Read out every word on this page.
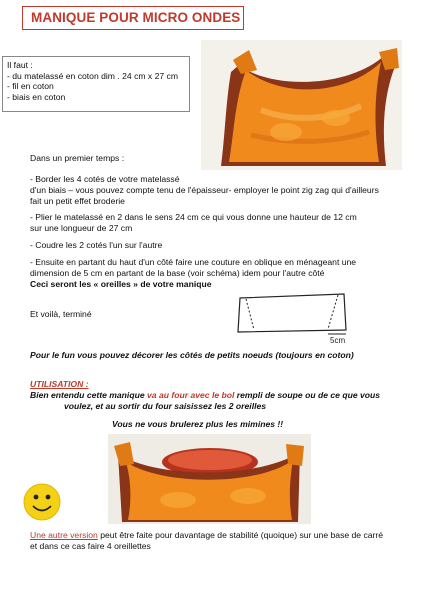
MANIQUE POUR MICRO ONDES
Il faut :
- du matelassé en coton dim . 24 cm x 27 cm
- fil en coton
- biais en coton
Dans un premier temps :
- Border les 4 cotés de votre matelassé
d'un biais – vous pouvez compte tenu de l'épaisseur- employer le point zig zag qui d'ailleurs
fait un petit effet broderie
- Plier le matelassé en 2 dans le sens 24 cm ce qui vous donne une hauteur de 12 cm
sur une longueur de 27 cm
- Coudre les 2 cotés l'un sur l'autre
- Ensuite en partant du haut d'un côté faire une couture en oblique en ménageant une
dimension de 5 cm en partant de la base (voir schéma) idem pour l'autre côté
Ceci seront les « oreilles » de votre manique
Et voilà, terminé
5cm
Pour le fun vous pouvez décorer les côtés de petits noeuds (toujours en coton)
UTILISATION :
Bien entendu cette manique va au four avec le bol rempli de soupe ou de ce que vous
voulez, et au sortir du four saisissez les 2 oreilles
Vous ne vous brulerez plus les mimines !!
Une autre version peut être faite pour davantage de stabilité (quoique) sur une base de carré
et dans ce cas faire 4 oreillettes
